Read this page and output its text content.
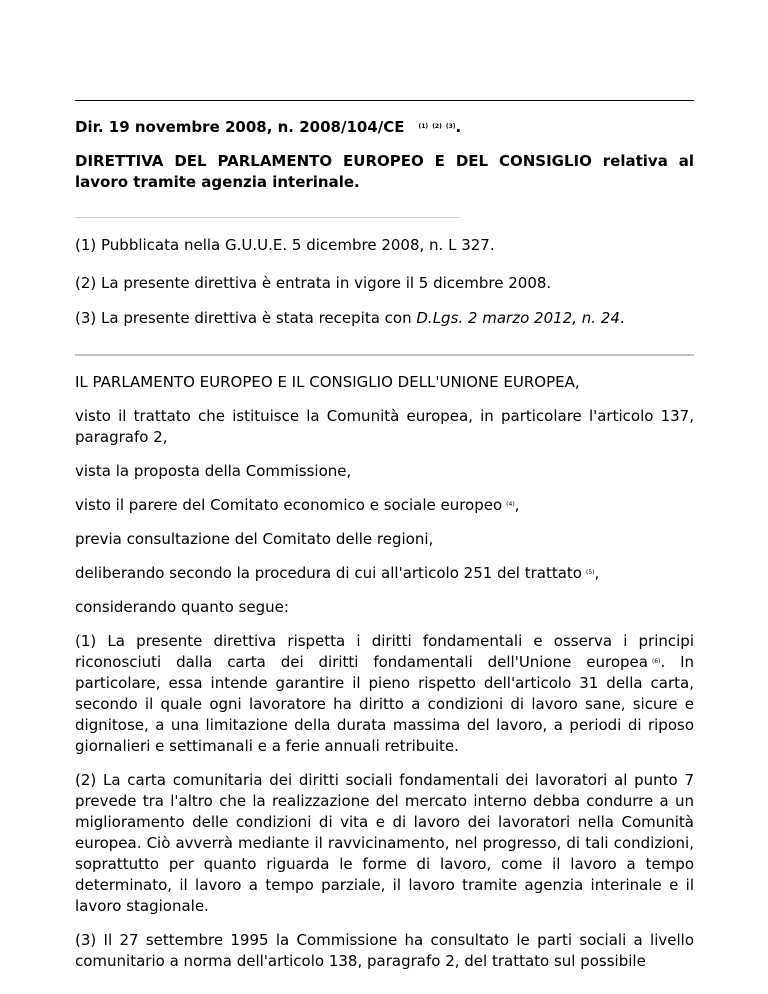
Dir. 19 novembre 2008, n. 2008/104/CE $^{(1)}$ $^{(2)}$ $^{(3)}$.
DIRETTIVA DEL PARLAMENTO EUROPEO E DEL CONSIGLIO relativa al lavoro tramite agenzia interinale.
(1) Pubblicata nella G.U.U.E. 5 dicembre 2008, n. L 327.
(2) La presente direttiva è entrata in vigore il 5 dicembre 2008.
(3) La presente direttiva è stata recepita con D.Lgs. 2 marzo 2012, n. 24.

IL PARLAMENTO EUROPEO E IL CONSIGLIO DELL'UNIONE EUROPEA,

visto il trattato che istituisce la Comunità europea, in particolare l'articolo 137, paragrafo 2,

vista la proposta della Commissione,

visto il parere del Comitato economico e sociale europeo $^{(4)}$,

previa consultazione del Comitato delle regioni,

deliberando secondo la procedura di cui all'articolo 251 del trattato $^{(5)}$,

considerando quanto segue:

(1) La presente direttiva rispetta i diritti fondamentali e osserva i principi riconosciuti dalla carta dei diritti fondamentali dell'Unione europea $^{(6)}$. In particolare, essa intende garantire il pieno rispetto dell'articolo 31 della carta, secondo il quale ogni lavoratore ha diritto a condizioni di lavoro sane, sicure e dignitose, a una limitazione della durata massima del lavoro, a periodi di riposo giornalieri e settimanali e a ferie annuali retribuite.

(2) La carta comunitaria dei diritti sociali fondamentali dei lavoratori al punto 7 prevede tra l'altro che la realizzazione del mercato interno debba condurre a un miglioramento delle condizioni di vita e di lavoro dei lavoratori nella Comunità europea. Ciò avverrà mediante il ravvicinamento, nel progresso, di tali condizioni, soprattutto per quanto riguarda le forme di lavoro, come il lavoro a tempo determinato, il lavoro a tempo parziale, il lavoro tramite agenzia interinale e il lavoro stagionale.

(3) Il 27 settembre 1995 la Commissione ha consultato le parti sociali a livello comunitario a norma dell'articolo 138, paragrafo 2, del trattato sul possibile
